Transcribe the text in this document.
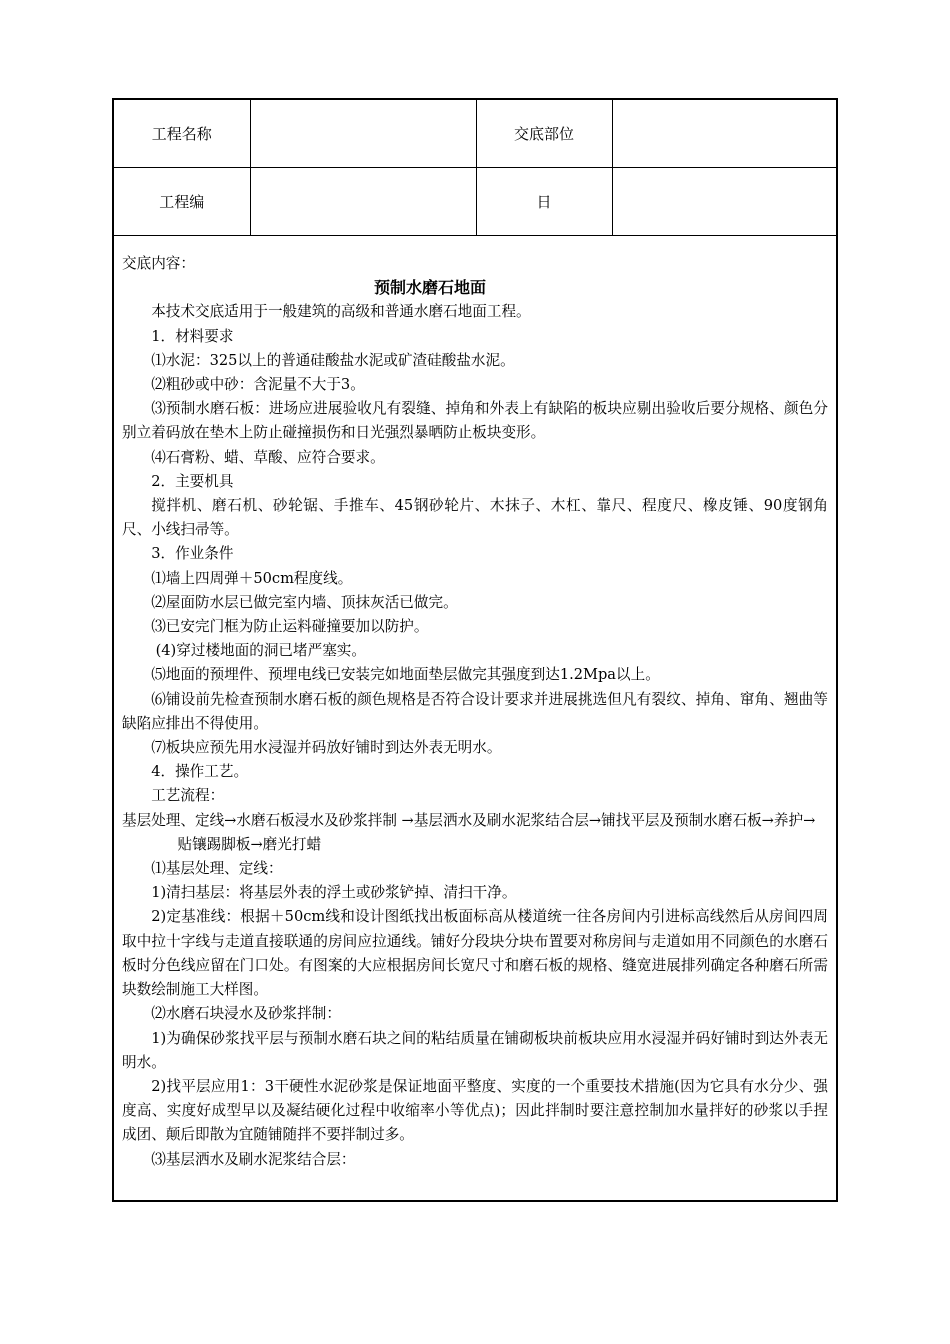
工程名称		交底部位	
工程编		日	

交底内容：

预制水磨石地面

本技术交底适用于一般建筑的高级和普通水磨石地面工程。

1．材料要求

⑴水泥：325以上的普通硅酸盐水泥或矿渣硅酸盐水泥。

⑵粗砂或中砂：含泥量不大于3。

⑶预制水磨石板：进场应进展验收凡有裂缝、掉角和外表上有缺陷的板块应剔出验收后要分规格、颜色分别立着码放在垫木上防止碰撞损伤和日光强烈暴晒防止板块变形。

⑷石膏粉、蜡、草酸、应符合要求。

2．主要机具

搅拌机、磨石机、砂轮锯、手推车、45钢砂轮片、木抹子、木杠、靠尺、程度尺、橡皮锤、90度钢角尺、小线扫帚等。

3．作业条件

⑴墙上四周弹＋50cm程度线。

⑵屋面防水层已做完室内墙、顶抹灰活已做完。

⑶已安完门框为防止运料碰撞要加以防护。

(4)穿过楼地面的洞已堵严塞实。

⑸地面的预埋件、预埋电线已安装完如地面垫层做完其强度到达1.2Mpa以上。

⑹铺设前先检查预制水磨石板的颜色规格是否符合设计要求并进展挑选但凡有裂纹、掉角、窜角、翘曲等缺陷应排出不得使用。

⑺板块应预先用水浸湿并码放好铺时到达外表无明水。

4．操作工艺。

工艺流程：

基层处理、定线→水磨石板浸水及砂浆拌制 →基层洒水及刷水泥浆结合层→铺找平层及预制水磨石板→养护→贴镶踢脚板→磨光打蜡

⑴基层处理、定线：

1)清扫基层：将基层外表的浮土或砂浆铲掉、清扫干净。

2)定基准线：根据＋50cm线和设计图纸找出板面标高从楼道统一往各房间内引进标高线然后从房间四周取中拉十字线与走道直接联通的房间应拉通线。铺好分段块分块布置要对称房间与走道如用不同颜色的水磨石板时分色线应留在门口处。有图案的大应根据房间长宽尺寸和磨石板的规格、缝宽进展排列确定各种磨石所需块数绘制施工大样图。

⑵水磨石块浸水及砂浆拌制：

1)为确保砂浆找平层与预制水磨石块之间的粘结质量在铺砌板块前板块应用水浸湿并码好铺时到达外表无明水。

2)找平层应用1：3干硬性水泥砂浆是保证地面平整度、实度的一个重要技术措施(因为它具有水分少、强度高、实度好成型早以及凝结硬化过程中收缩率小等优点)；因此拌制时要注意控制加水量拌好的砂浆以手捏成团、颠后即散为宜随铺随拌不要拌制过多。

⑶基层洒水及刷水泥浆结合层：
